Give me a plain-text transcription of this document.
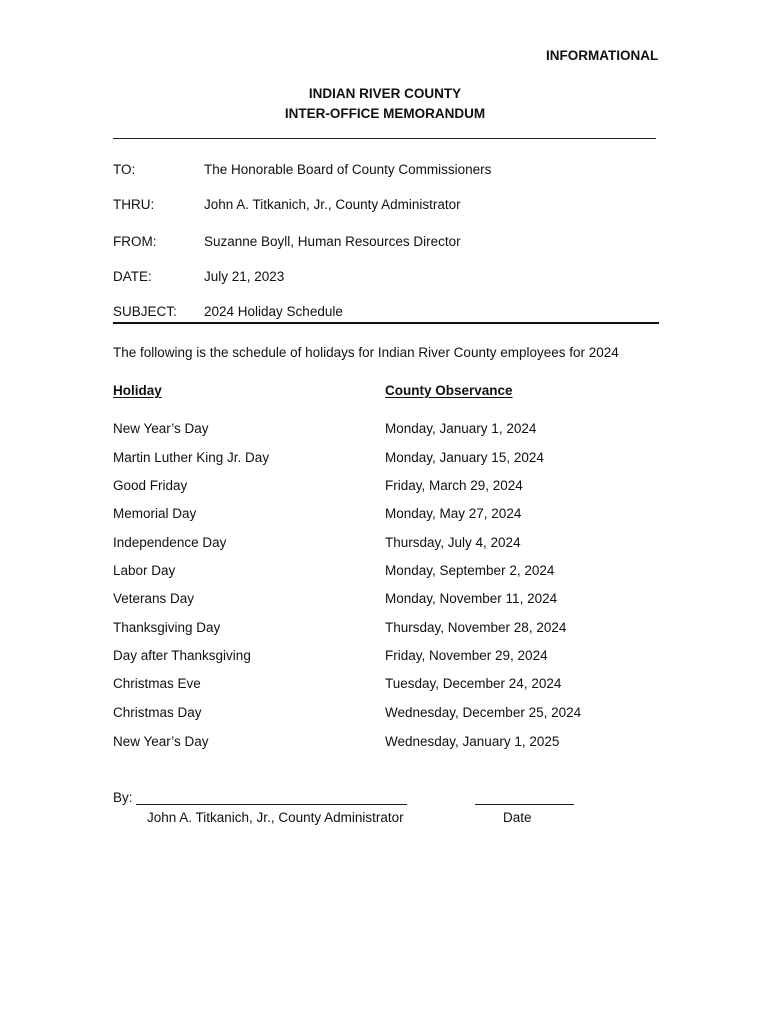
INFORMATIONAL
INDIAN RIVER COUNTY
INTER-OFFICE MEMORANDUM
TO:	The Honorable Board of County Commissioners
THRU:	John A. Titkanich, Jr., County Administrator
FROM:	Suzanne Boyll, Human Resources Director
DATE:	July 21, 2023
SUBJECT: 2024 Holiday Schedule
The following is the schedule of holidays for Indian River County employees for 2024
Holiday	County Observance
New Year’s Day	Monday, January 1, 2024
Martin Luther King Jr. Day	Monday, January 15, 2024
Good Friday	Friday, March 29, 2024
Memorial Day	Monday, May 27, 2024
Independence Day	Thursday, July 4, 2024
Labor Day	Monday, September 2, 2024
Veterans Day	Monday, November 11, 2024
Thanksgiving Day	Thursday, November 28, 2024
Day after Thanksgiving	Friday, November 29, 2024
Christmas Eve	Tuesday, December 24, 2024
Christmas Day	Wednesday, December 25, 2024
New Year’s Day	Wednesday, January 1, 2025
By:
John A. Titkanich, Jr., County Administrator	Date
